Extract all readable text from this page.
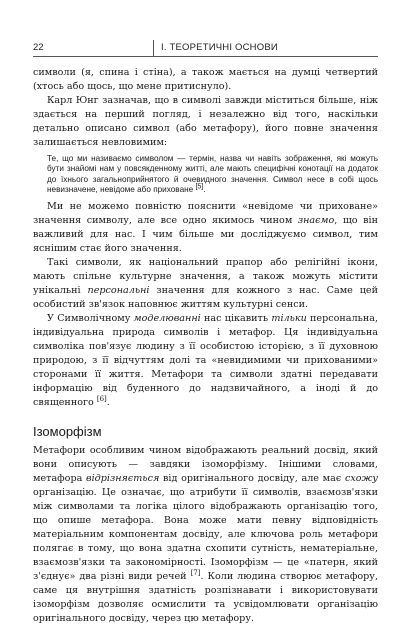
22	I. ТЕОРЕТИЧНІ ОСНОВИ

символи (я, спина і стіна), а також мається на думці четвертий (хтось або щось, що мене притиснуло).

Карл Юнг зазначав, що в символі завжди міститься більше, ніж здається на перший погляд, і незалежно від того, наскільки детально описано символ (або метафору), його повне значення залишається невловимим:

Те, що ми називаємо символом — термін, назва чи навіть зображення, які можуть бути знайомі нам у повсякденному житті, але мають специфічні конотації на додаток до їхнього загальноприйнятого й очевидного значення. Символ несе в собі щось невизначене, невідоме або приховане [5].

Ми не можемо повністю пояснити «невідоме чи приховане» значення символу, але все одно якимось чином знаємо, що він важливий для нас. І чим більше ми досліджуємо символ, тим яснішим стає його значення.

Такі символи, як національний прапор або релігійні ікони, мають спільне культурне значення, а також можуть містити унікальні персональні значення для кожного з нас. Саме цей особистий зв'язок наповнює життям культурні сенси.

У Символічному моделюванні нас цікавить тільки персональна, індивідуальна природа символів і метафор. Ця індивідуальна символіка пов'язує людину з її особистою історією, з її духовною природою, з її відчуттям долі та «невидимими чи прихованими» сторонами її життя. Метафори та символи здатні передавати інформацію від буденного до надзвичайного, а іноді й до священного [6].

Ізоморфізм

Метафори особливим чином відображають реальний досвід, який вони описують — завдяки ізоморфізму. Інішими словами, метафора відрізняється від оригінального досвіду, але має схожу організацію. Це означає, що атрибути її символів, взаємозв'язки між символами та логіка цілого відображають організацію того, що опише метафора. Вона може мати певну відповідність матеріальним компонентам досвіду, але ключова роль метафори полягає в тому, що вона здатна схопити сутність, нематеріальне, взаємозв'язки та закономірності. Ізоморфізм — це «патерн, який з'єднує» два різні види речей [7]. Коли людина створює метафору, саме ця внутрішня здатність розпізнавати і використовувати ізоморфізм дозволяє осмислити та усвідомлювати організацію оригінального досвіду, через цю метафору.
